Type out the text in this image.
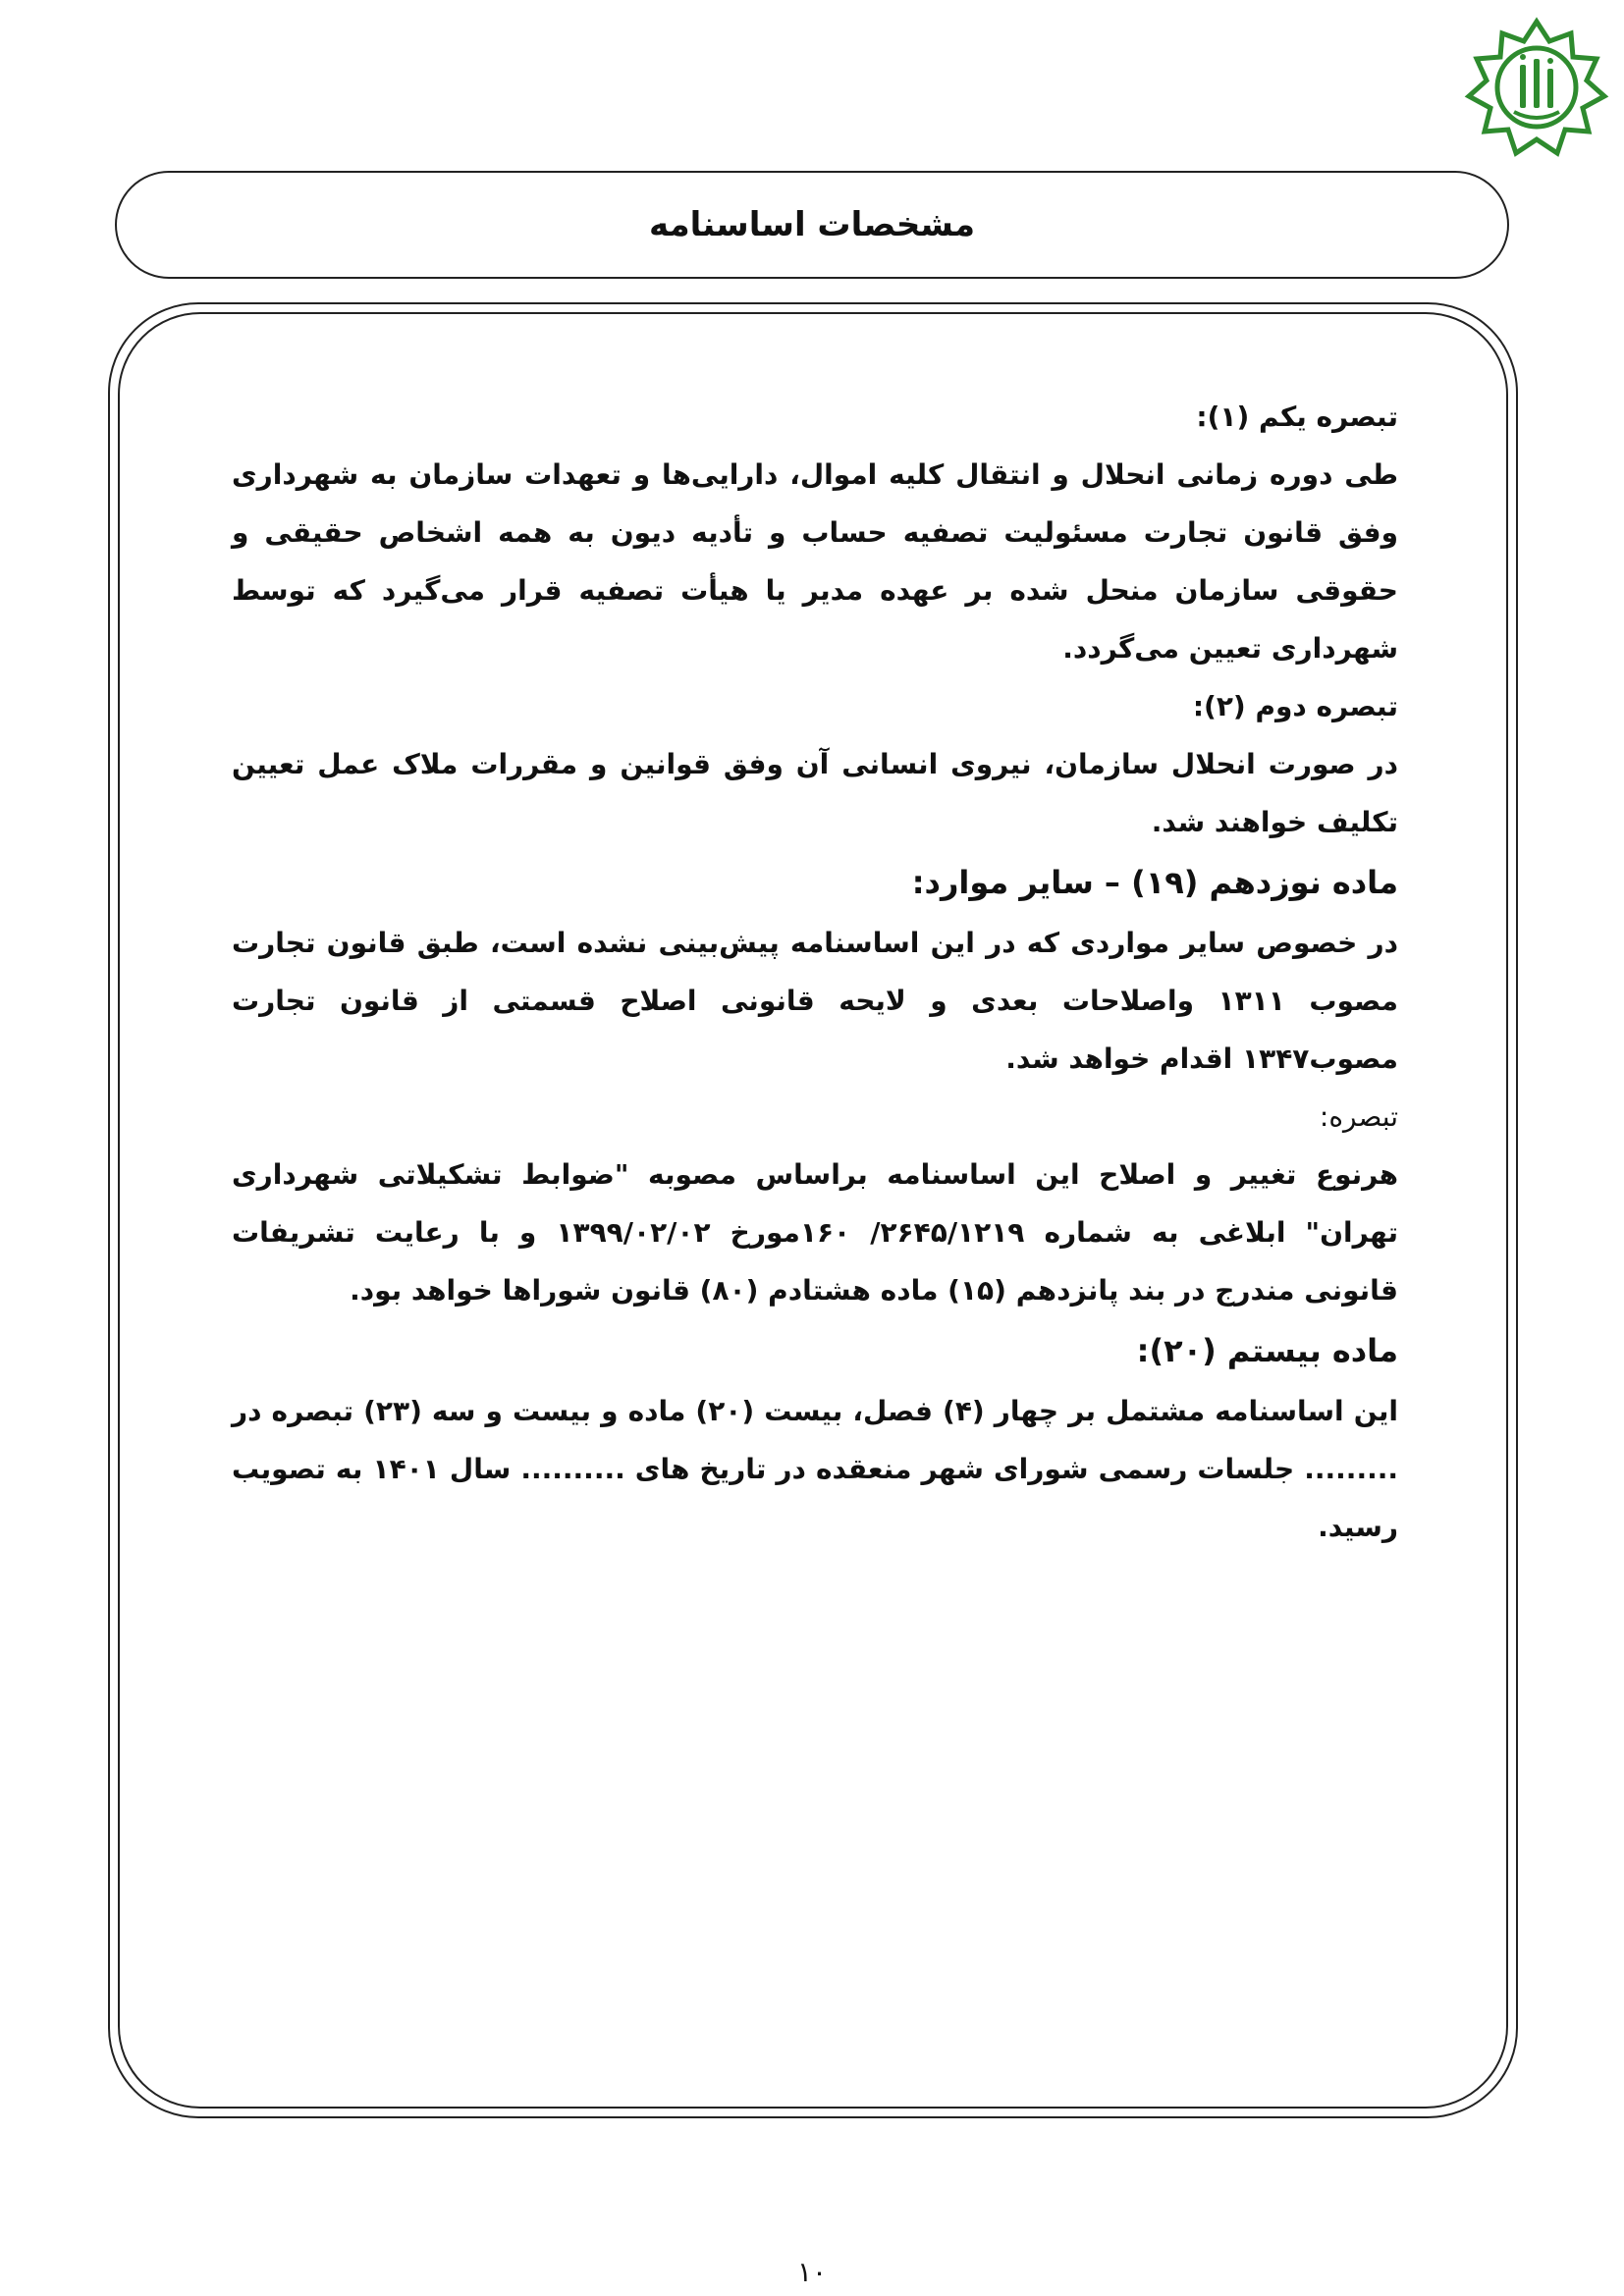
مشخصات اساسنامه

تبصره یکم (۱):

طی دوره زمانی انحلال و انتقال کلیه اموال، دارایی‌ها و تعهدات سازمان به شهرداری وفق قانون تجارت مسئولیت تصفیه حساب و تأدیه دیون به همه اشخاص حقیقی و حقوقی سازمان منحل شده بر عهده مدیر یا هیأت تصفیه قرار می‌گیرد که توسط شهرداری تعیین می‌گردد.

تبصره دوم (۲):

در صورت انحلال سازمان، نیروی انسانی آن وفق قوانین و مقررات ملاک عمل تعیین تکلیف خواهند شد.

ماده نوزدهم (۱۹) – سایر موارد:

در خصوص سایر مواردی که در این اساسنامه پیش‌بینی نشده است، طبق قانون تجارت مصوب ۱۳۱۱ واصلاحات بعدی و لایحه قانونی اصلاح قسمتی از قانون تجارت مصوب۱۳۴۷ اقدام خواهد شد.

تبصره:

هرنوع تغییر و اصلاح این اساسنامه براساس مصوبه "ضوابط تشکیلاتی شهرداری تهران" ابلاغی به شماره ۲۶۴۵/۱۲۱۹/ ۱۶۰مورخ ۱۳۹۹/۰۲/۰۲ و با رعایت تشریفات قانونی مندرج در بند پانزدهم (۱۵) ماده هشتادم (۸۰) قانون شوراها خواهد بود.

ماده بیستم (۲۰):

این اساسنامه مشتمل بر چهار (۴) فصل، بیست (۲۰) ماده و بیست و سه (۲۳) تبصره در ......... جلسات رسمی شورای شهر منعقده در تاریخ های .......... سال ۱۴۰۱ به تصویب رسید.

۱۰
